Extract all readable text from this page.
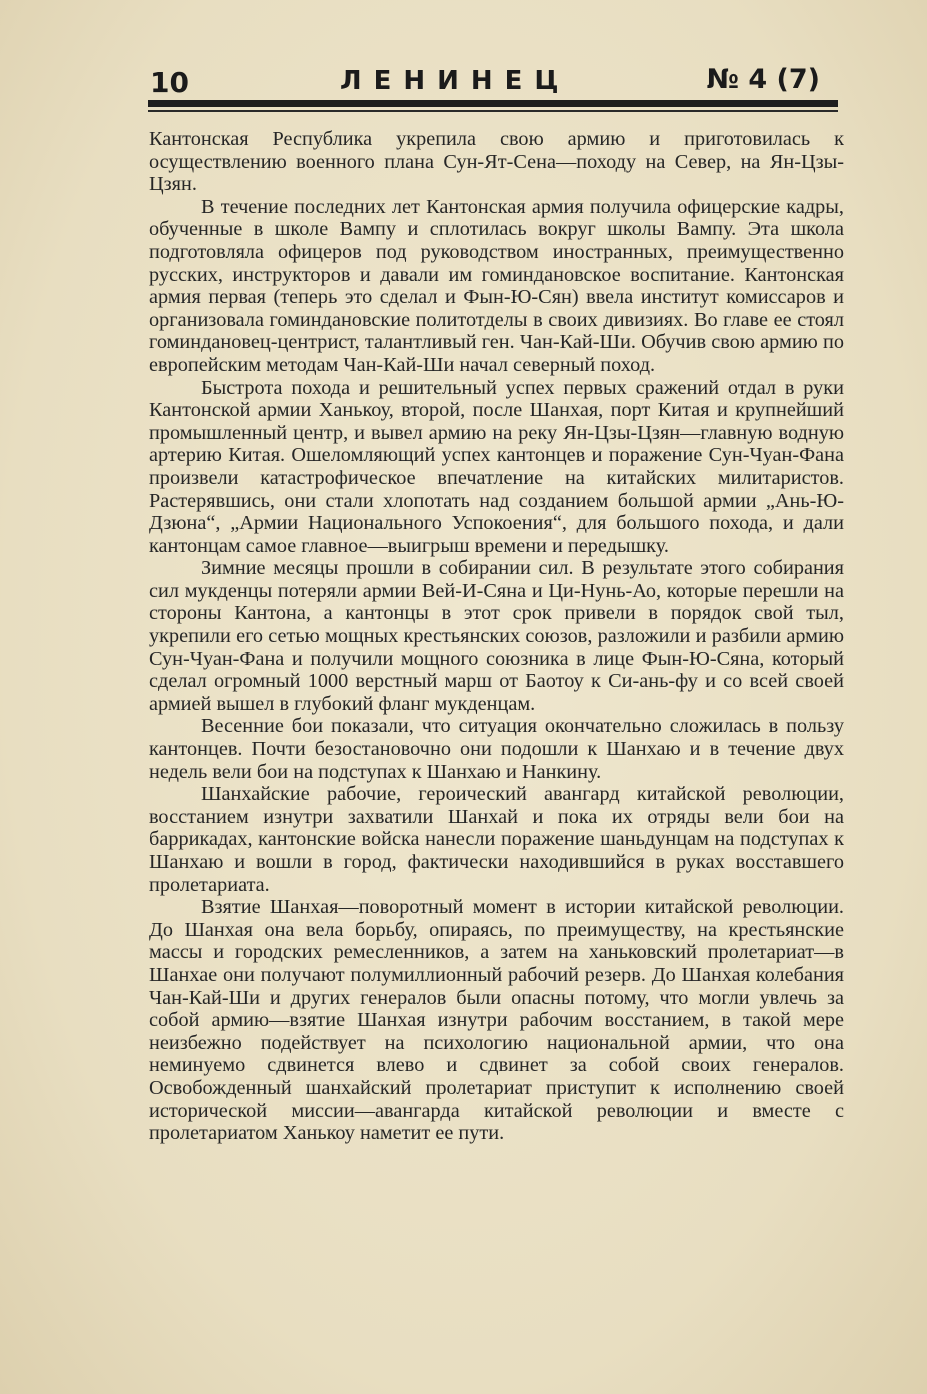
10	ЛЕНИНЕЦ	№ 4 (7)

Кантонская Республика укрепила свою армию и приготовилась к осуществлению военного плана Сун-Ят-Сена—походу на Север, на Ян-Цзы-Цзян.

В течение последних лет Кантонская армия получила офицерские кадры, обученные в школе Вампу и сплотилась вокруг школы Вампу. Эта школа подготовляла офицеров под руководством иностранных, преимущественно русских, инструкторов и давали им гоминдановское воспитание. Кантонская армия первая (теперь это сделал и Фын-Ю-Сян) ввела институт комиссаров и организовала гоминдановские политотделы в своих дивизиях. Во главе ее стоял гоминдановец-центрист, талантливый ген. Чан-Кай-Ши. Обучив свою армию по европейским методам Чан-Кай-Ши начал северный поход.

Быстрота похода и решительный успех первых сражений отдал в руки Кантонской армии Ханькоу, второй, после Шанхая, порт Китая и крупнейший промышленный центр, и вывел армию на реку Ян-Цзы-Цзян—главную водную артерию Китая. Ошеломляющий успех кантонцев и поражение Сун-Чуан-Фана произвели катастрофическое впечатление на китайских милитаристов. Растерявшись, они стали хлопотать над созданием большой армии „Ань-Ю-Дзюна“, „Армии Национального Успокоения“, для большого похода, и дали кантонцам самое главное—выигрыш времени и передышку.

Зимние месяцы прошли в собирании сил. В результате этого собирания сил мукденцы потеряли армии Вей-И-Сяна и Ци-Нунь-Ао, которые перешли на стороны Кантона, а кантонцы в этот срок привели в порядок свой тыл, укрепили его сетью мощных крестьянских союзов, разложили и разбили армию Сун-Чуан-Фана и получили мощного союзника в лице Фын-Ю-Сяна, который сделал огромный 1000 верстный марш от Баотоу к Си-ань-фу и со всей своей армией вышел в глубокий фланг мукденцам.

Весенние бои показали, что ситуация окончательно сложилась в пользу кантонцев. Почти безостановочно они подошли к Шанхаю и в течение двух недель вели бои на подступах к Шанхаю и Нанкину.

Шанхайские рабочие, героический авангард китайской революции, восстанием изнутри захватили Шанхай и пока их отряды вели бои на баррикадах, кантонские войска нанесли поражение шаньдунцам на подступах к Шанхаю и вошли в город, фактически находившийся в руках восставшего пролетариата.

Взятие Шанхая—поворотный момент в истории китайской революции. До Шанхая она вела борьбу, опираясь, по преимуществу, на крестьянские массы и городских ремесленников, а затем на ханьковский пролетариат—в Шанхае они получают полумиллионный рабочий резерв. До Шанхая колебания Чан-Кай-Ши и других генералов были опасны потому, что могли увлечь за собой армию—взятие Шанхая изнутри рабочим восстанием, в такой мере неизбежно подействует на психологию национальной армии, что она неминуемо сдвинется влево и сдвинет за собой своих генералов. Освобожденный шанхайский пролетариат приступит к исполнению своей исторической миссии—авангарда китайской революции и вместе с пролетариатом Ханькоу наметит ее пути.
